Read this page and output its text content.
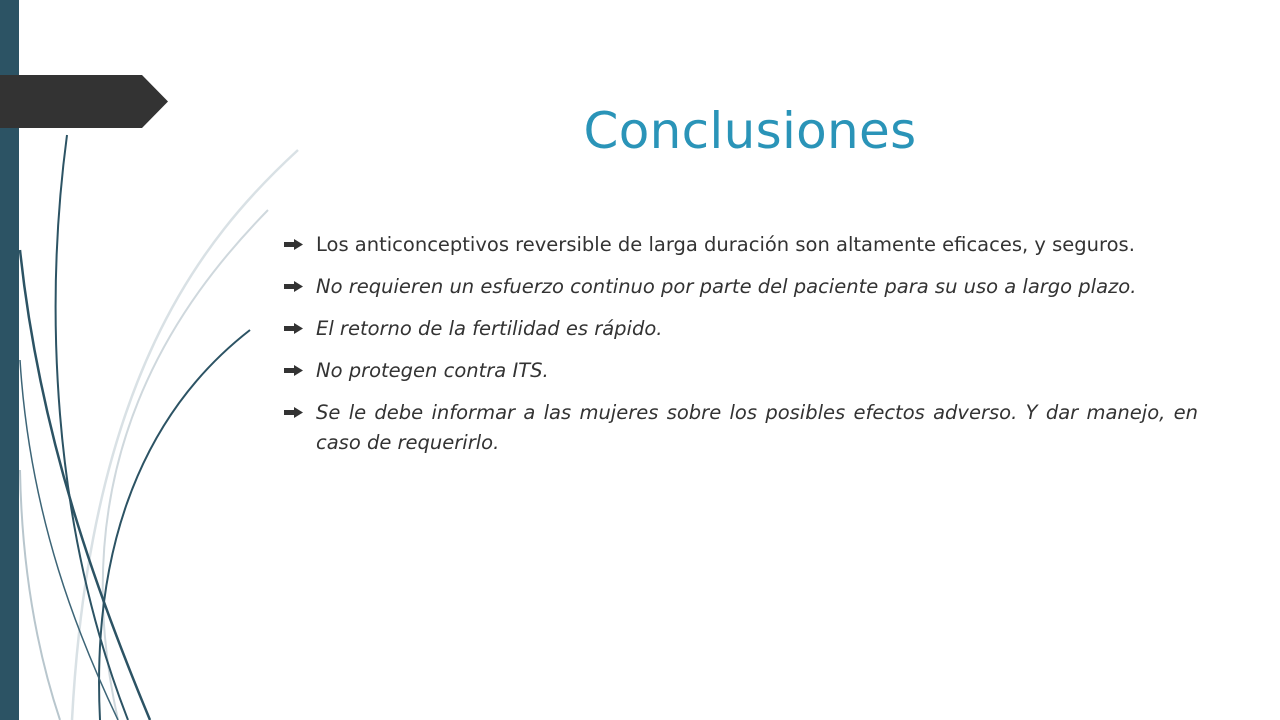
Conclusiones
Los anticonceptivos reversible de larga duración son altamente eficaces, y seguros.
No requieren un esfuerzo continuo por parte del paciente para su uso a largo plazo.
El retorno de la fertilidad es rápido.
No protegen contra ITS.
Se le debe informar a las mujeres sobre los posibles efectos adverso. Y dar manejo, en caso de requerirlo.
